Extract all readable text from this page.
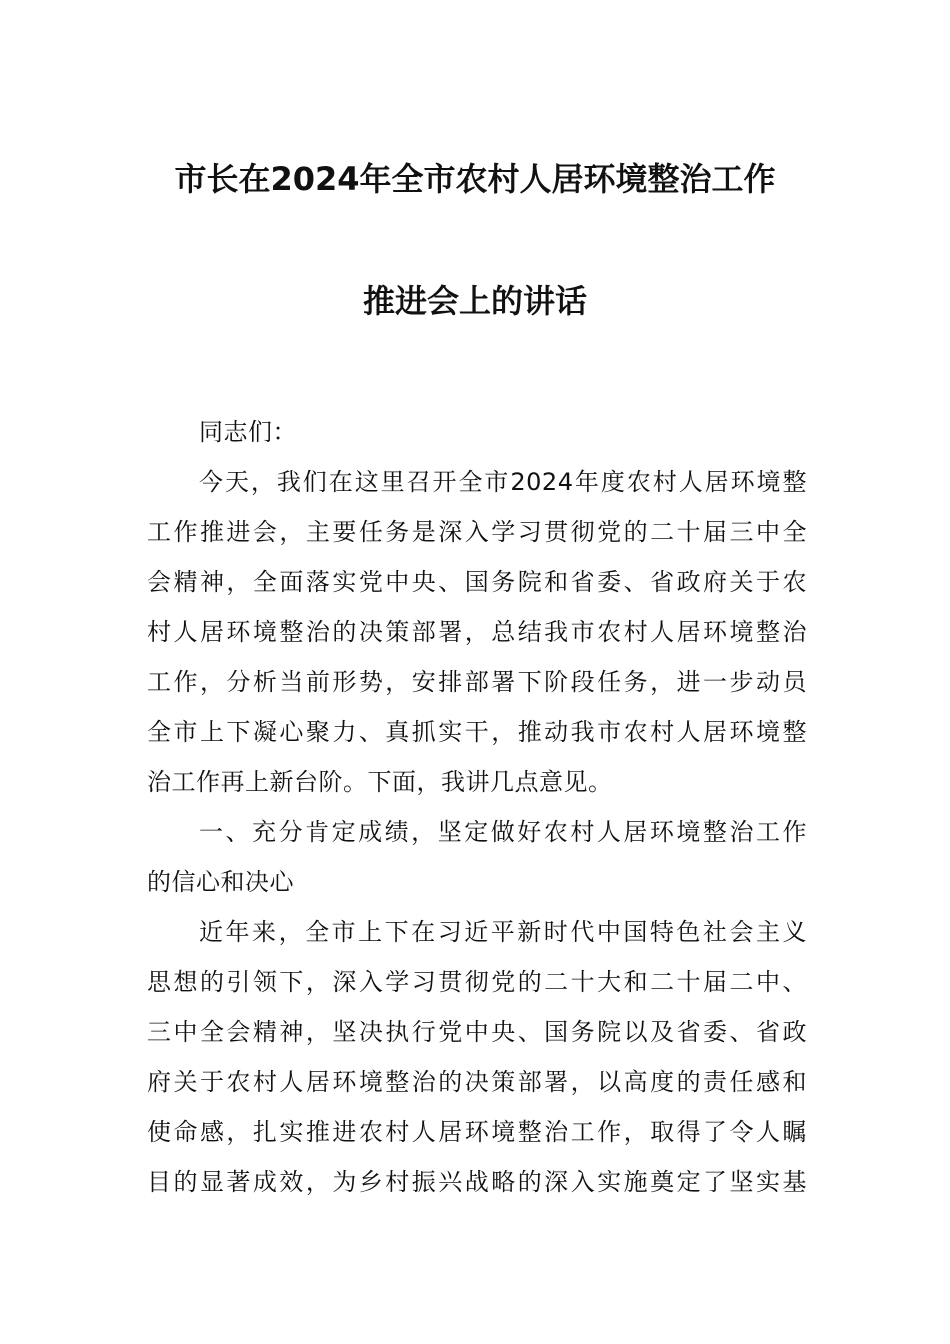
市长在2024年全市农村人居环境整治工作
推进会上的讲话
同志们：
今天，我们在这里召开全市2024年度农村人居环境整
工作推进会，主要任务是深入学习贯彻党的二十届三中全
会精神，全面落实党中央、国务院和省委、省政府关于农
村人居环境整治的决策部署，总结我市农村人居环境整治
工作，分析当前形势，安排部署下阶段任务，进一步动员
全市上下凝心聚力、真抓实干，推动我市农村人居环境整
治工作再上新台阶。下面，我讲几点意见。
一、充分肯定成绩，坚定做好农村人居环境整治工作
的信心和决心
近年来，全市上下在习近平新时代中国特色社会主义
思想的引领下，深入学习贯彻党的二十大和二十届二中、
三中全会精神，坚决执行党中央、国务院以及省委、省政
府关于农村人居环境整治的决策部署，以高度的责任感和
使命感，扎实推进农村人居环境整治工作，取得了令人瞩
目的显著成效，为乡村振兴战略的深入实施奠定了坚实基
